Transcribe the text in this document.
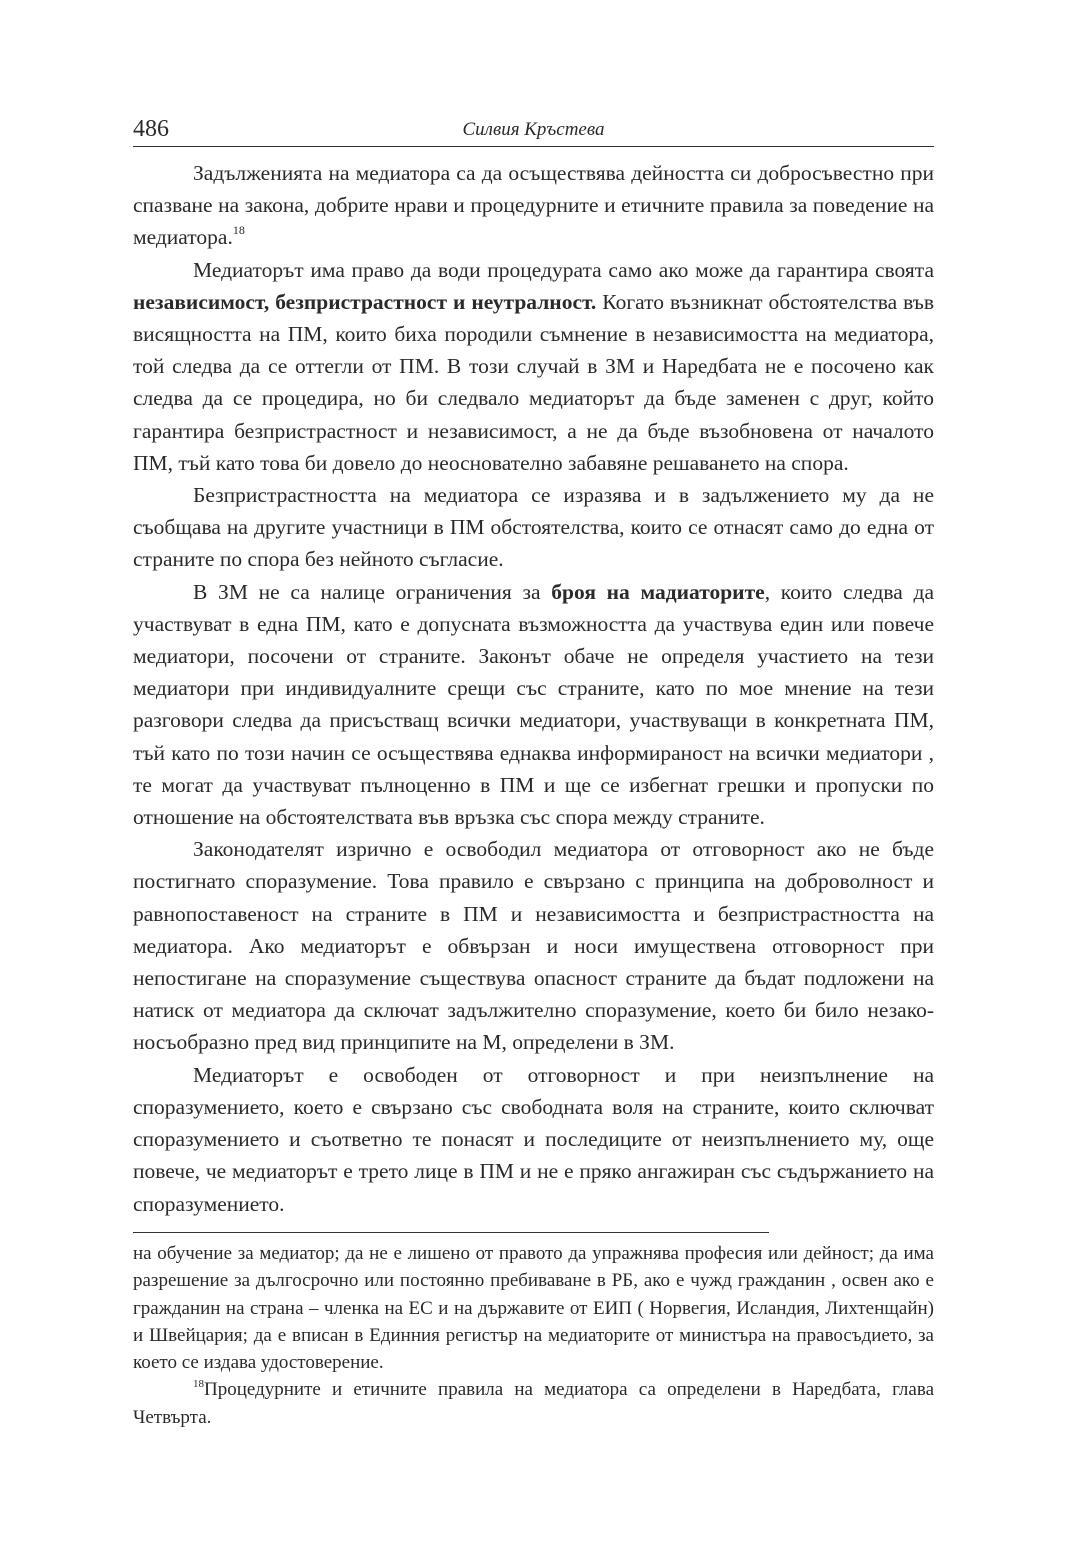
486	Силвия Кръстева

Задълженията на медиатора са да осъществява дейността си добросъвестно при спазване на закона, добрите нрави и процедурните и етичните правила за поведение на медиатора.$^{18}$

Медиаторът има право да води процедурата само ако може да гарантира своята независимост, безпристрастност и неутралност. Когато възникнат обстоятелства във висящността на ПМ, които биха породили съмнение в независимостта на медиатора, той следва да се оттегли от ПМ. В този случай в ЗМ и Наредбата не е посочено как следва да се процедира, но би следвало медиаторът да бъде заменен с друг, който гарантира безпристрастност и независимост, а не да бъде възобновена от началото ПМ, тъй като това би довело до неоснователно забавяне решаването на спора.

Безпристрастността на медиатора се изразява и в задължението му да не съобщава на другите участници в ПМ обстоятелства, които се отнасят само до една от страните по спора без нейното съгласие.

В ЗМ не са налице ограничения за броя на мадиаторите, които следва да участвуват в една ПМ, като е допусната възможността да участвува един или повече медиатори, посочени от страните. Законът обаче не определя участието на тези медиатори при индивидуалните срещи със страните, като по мое мнение на тези разговори следва да присъстващ всички медиатори, участвуващи в конкретната ПМ, тъй като по този начин се осъществява еднаква информираност на всички медиатори , те могат да участвуват пълноценно в ПМ и ще се избегнат грешки и пропуски по отношение на обстоятелствата във връзка със спора между страните.

Законодателят изрично е освободил медиатора от отговорност ако не бъде постигнато споразумение. Това правило е свързано с принципа на доброволност и равнопоставеност на страните в ПМ и независимостта и безпристрастността на медиатора. Ако медиаторът е обвързан и носи имуществена отговорност при непостигане на споразумение съществува опасност страните да бъдат подложени на натиск от медиатора да сключат задължително споразумение, което би било незако-носъобразно пред вид принципите на М, определени в ЗМ.

Медиаторът е освободен от отговорност и при неизпълнение на споразумението, което е свързано със свободната воля на страните, които сключват споразумението и съответно те понасят и последиците от неизпълнението му, още повече, че медиаторът е трето лице в ПМ и не е пряко ангажиран със съдържанието на споразумението.

на обучение за медиатор; да не е лишено от правото да упражнява професия или дейност; да има разрешение за дългосрочно или постоянно пребиваване в РБ, ако е чужд гражданин , освен ако е гражданин на страна – членка на ЕС и на държавите от ЕИП ( Норвегия, Исландия, Лихтенщайн) и Швейцария; да е вписан в Единния регистър на медиаторите от министъра на правосъдието, за което се издава удостоверение.

$^{18}$Процедурните и етичните правила на медиатора са определени в Наредбата, глава Четвърта.
